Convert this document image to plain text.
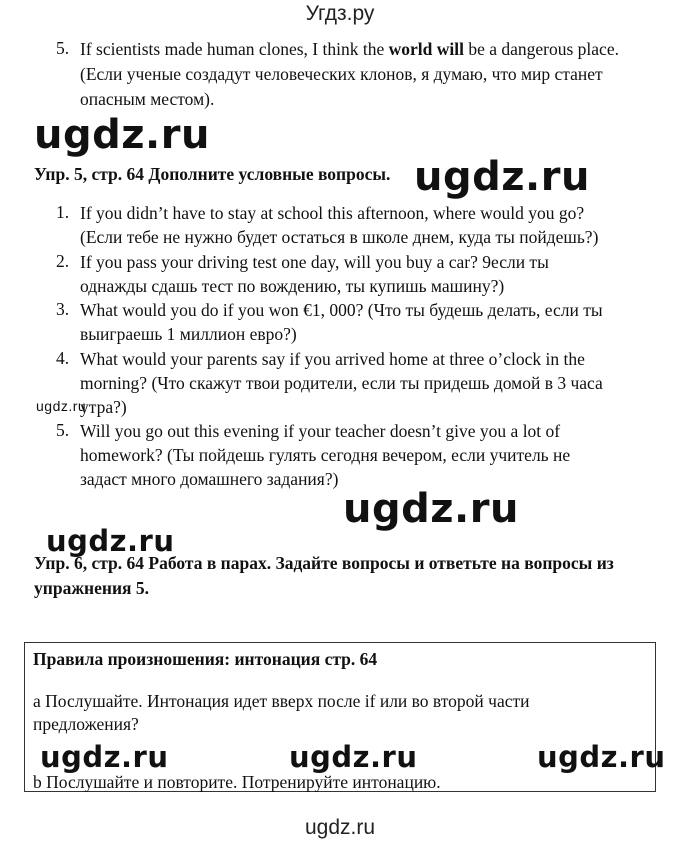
Угдз.ру
5. If scientists made human clones, I think the world will be a dangerous place.
(Если ученые создадут человеческих клонов, я думаю, что мир станет
опасным местом).
ugdz.ru
ugdz.ru
Упр. 5, стр. 64 Дополните условные вопросы.
1. If you didn’t have to stay at school this afternoon, where would you go?
(Если тебе не нужно будет остаться в школе днем, куда ты пойдешь?)
2. If you pass your driving test one day, will you buy a car? 9если ты
однажды сдашь тест по вождению, ты купишь машину?)
3. What would you do if you won €1, 000? (Что ты будешь делать, если ты
выиграешь 1 миллион евро?)
4. What would your parents say if you arrived home at three o’clock in the
morning? (Что скажут твои родители, если ты придешь домой в 3 часа
ugdz.ru
утра?)
5. Will you go out this evening if your teacher doesn’t give you a lot of
homework? (Ты пойдешь гулять сегодня вечером, если учитель не
задаст много домашнего задания?)
ugdz.ru
ugdz.ru
Упр. 6, стр. 64 Работа в парах. Задайте вопросы и ответьте на вопросы из
упражнения 5.
Правила произношения: интонация стр. 64
a Послушайте. Интонация идет вверх после if или во второй части
предложения?
ugdz.ru	ugdz.ru	ugdz.ru
b Послушайте и повторите. Потренируйте интонацию.
ugdz.ru
